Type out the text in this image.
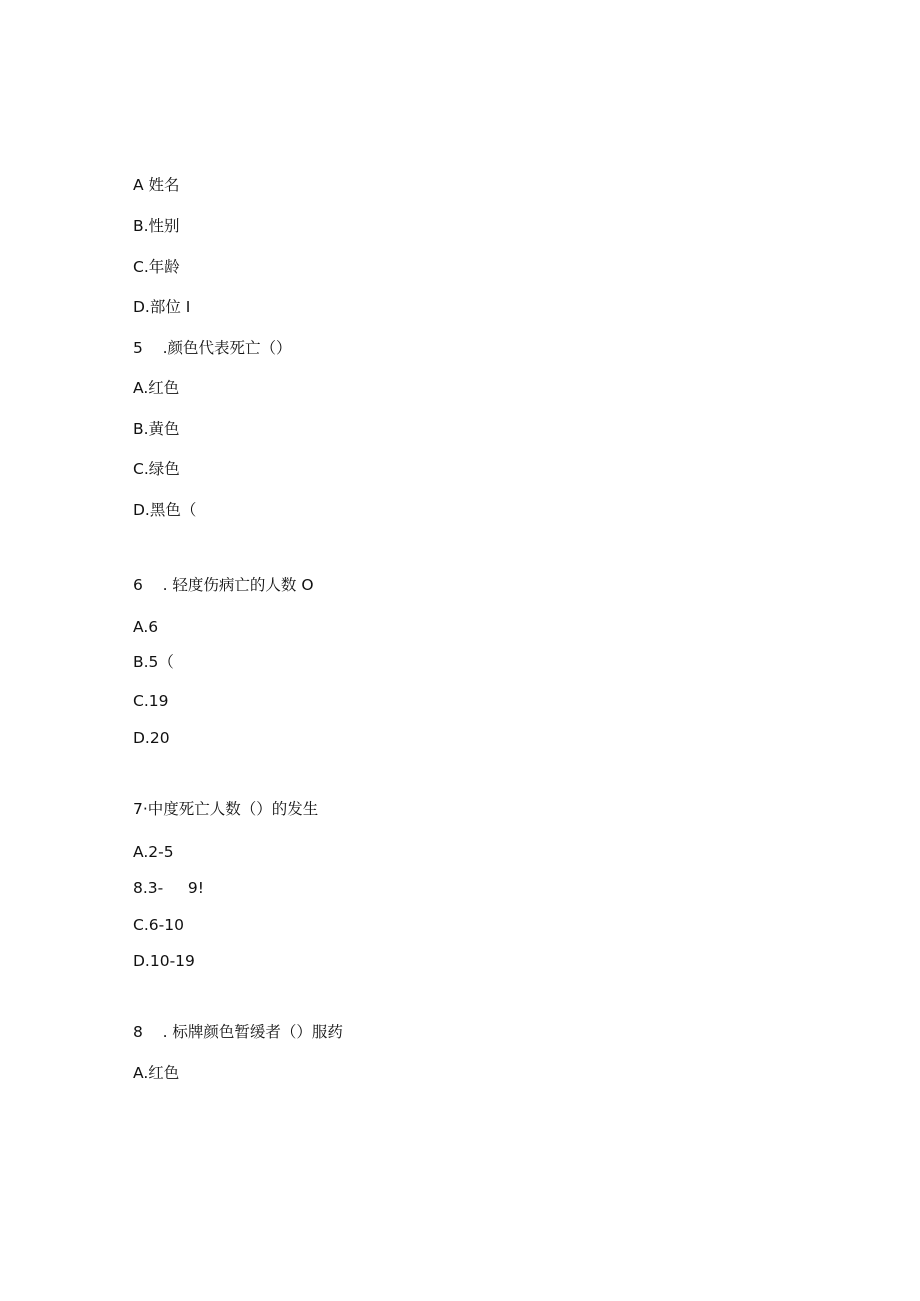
A 姓名
B.性别
C.年龄
D.部位 I
5    .颜色代表死亡（）
A.红色
B.黄色
C.绿色
D.黑色（
6    . 轻度伤病亡的人数 O
A.6
B.5（
C.19
D.20
7·中度死亡人数（）的发生
A.2-5
8.3-     9!
C.6-10
D.10-19
8    . 标牌颜色暂缓者（）服药
A.红色
